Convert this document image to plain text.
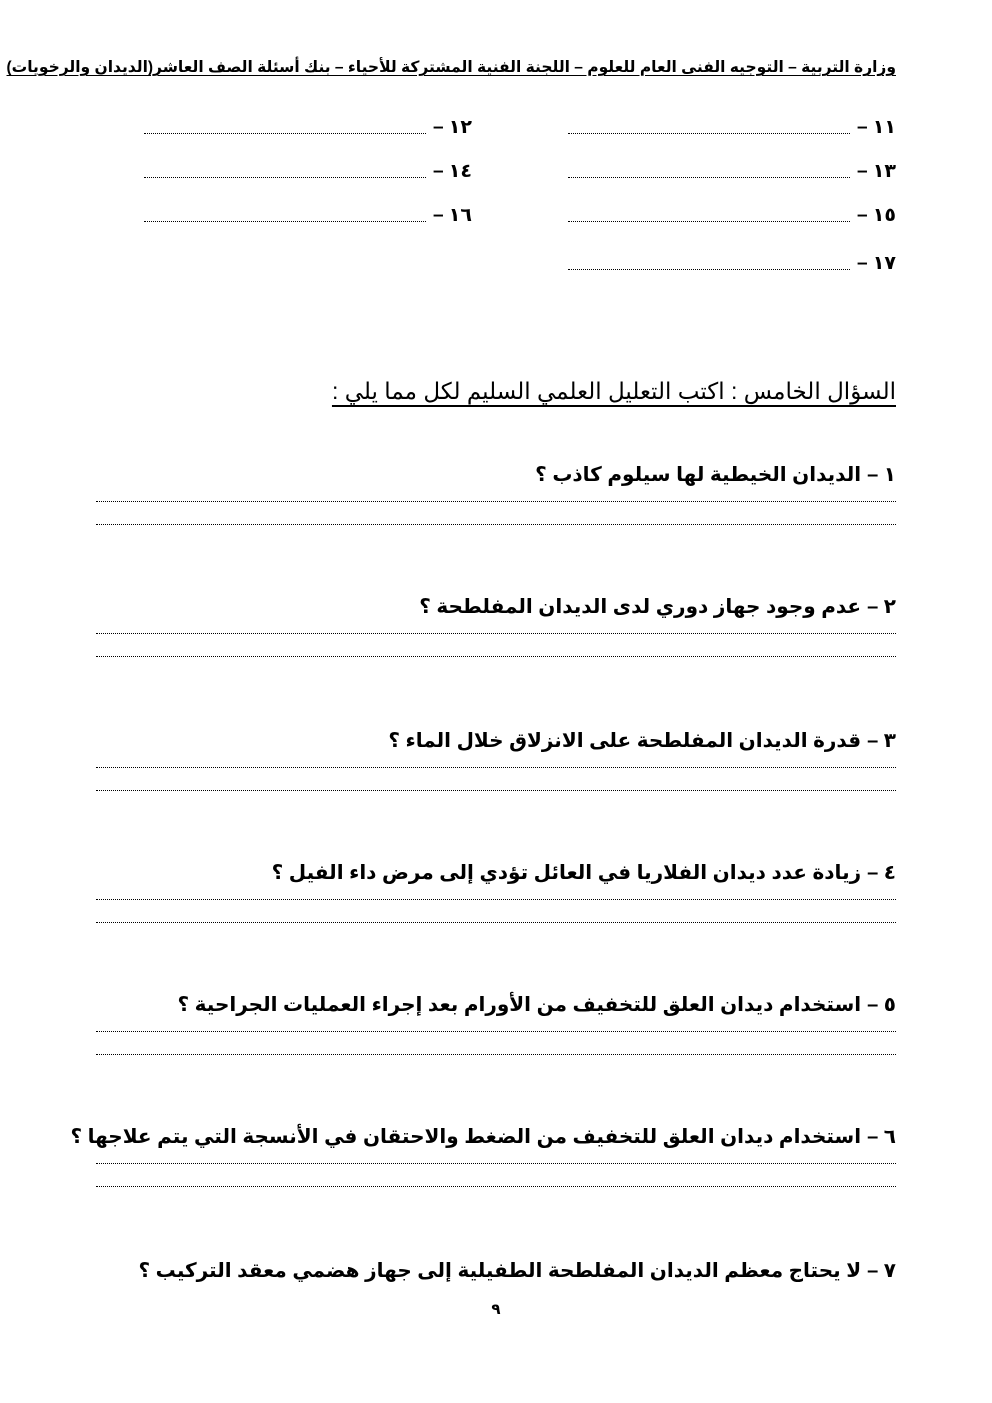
وزارة التربية – التوجيه الفنى العام للعلوم – اللجنة الفنية المشتركة للأحياء – بنك أسئلة الصف العاشر(الديدان والرخويات)
١١ –
١٢ –
١٣ –
١٤ –
١٥ –
١٦ –
١٧ –
السؤال الخامس : اكتب التعليل العلمي السليم لكل مما يلي :
١ –الديدان الخيطية لها سيلوم كاذب ؟
٢ –عدم وجود جهاز دوري لدى الديدان المفلطحة ؟
٣ –قدرة الديدان المفلطحة على الانزلاق خلال الماء ؟
٤ –زيادة عدد ديدان الفلاريا في العائل تؤدي إلى مرض داء الفيل ؟
٥ –استخدام ديدان العلق للتخفيف من الأورام بعد إجراء العمليات الجراحية ؟
٦ –استخدام ديدان العلق للتخفيف من الضغط والاحتقان في الأنسجة التي يتم علاجها ؟
٧ –لا يحتاج معظم الديدان المفلطحة الطفيلية إلى جهاز هضمي معقد التركيب ؟
٩
